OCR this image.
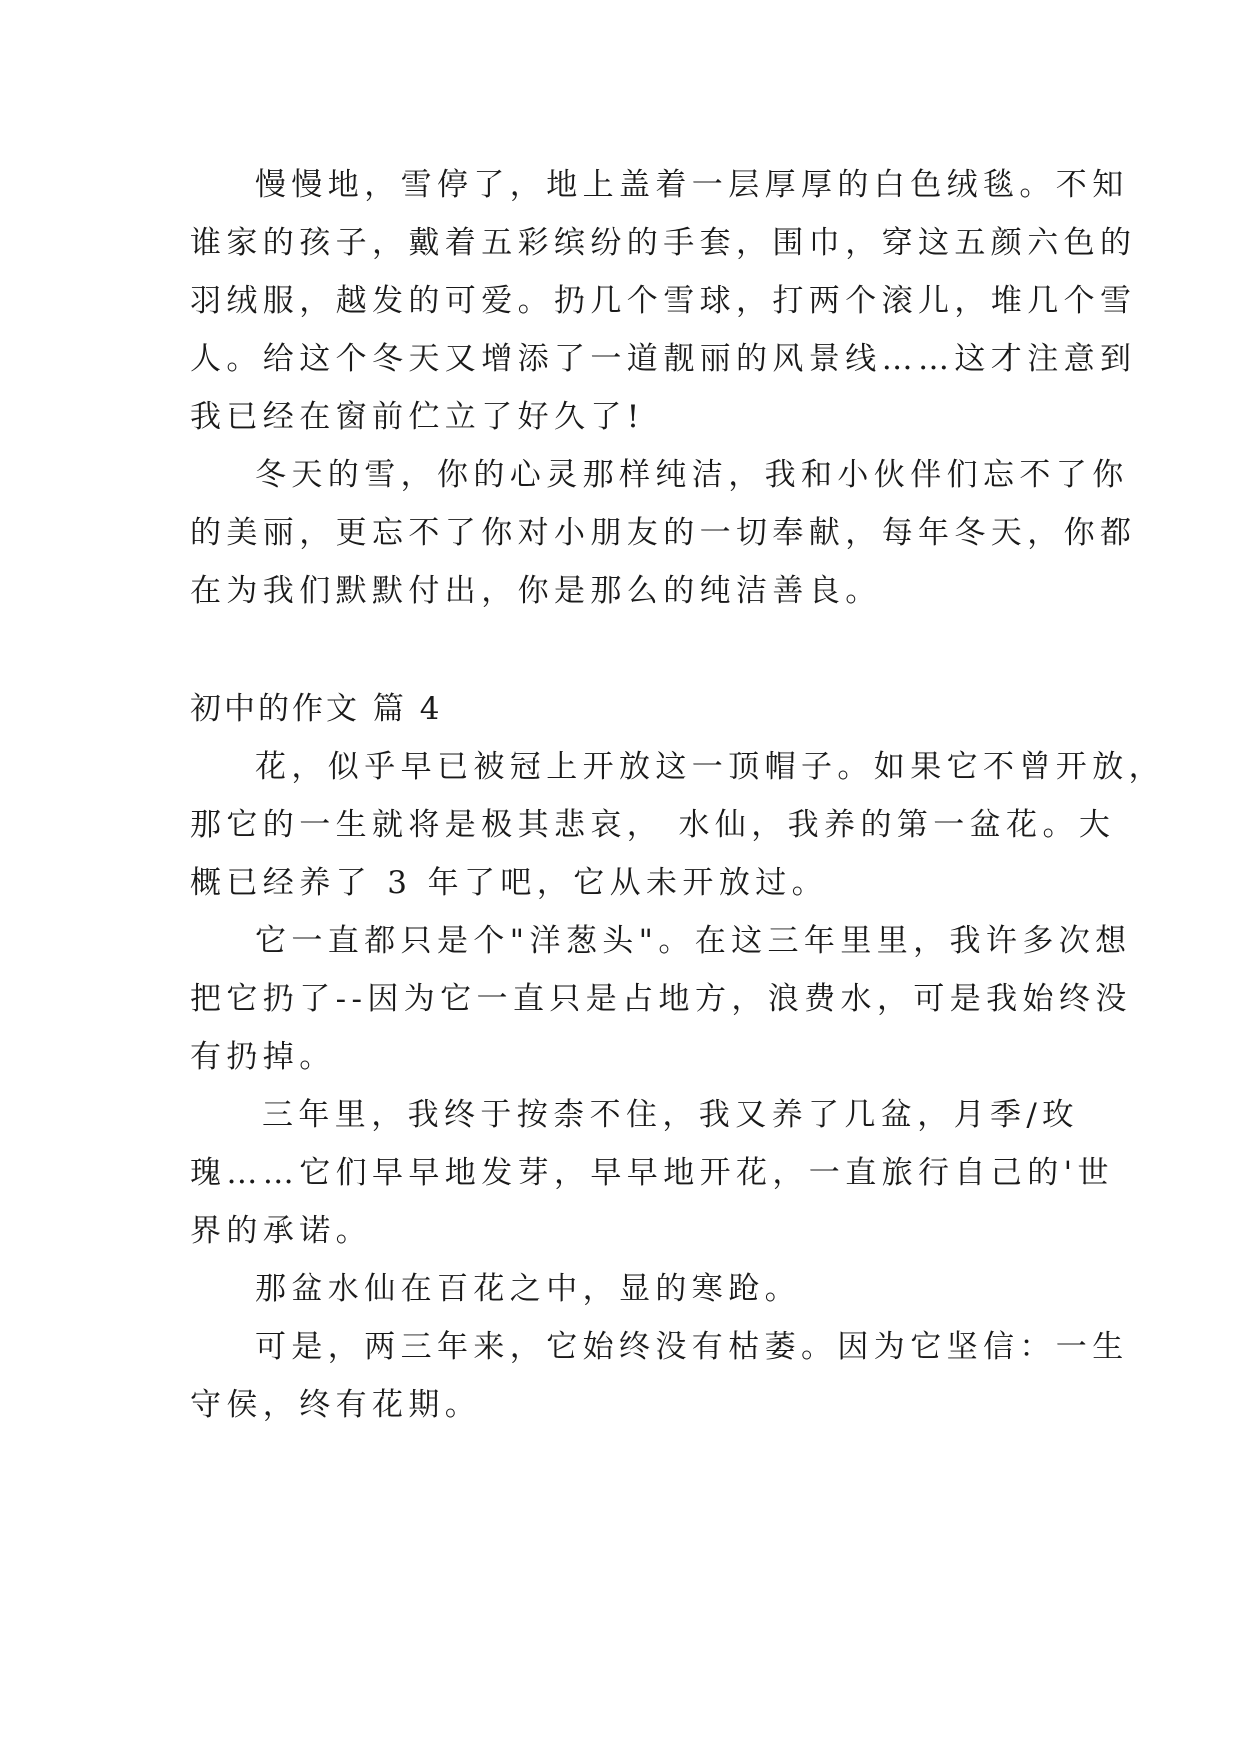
慢慢地，雪停了，地上盖着一层厚厚的白色绒毯。不知
谁家的孩子，戴着五彩缤纷的手套，围巾，穿这五颜六色的
羽绒服，越发的可爱。扔几个雪球，打两个滚儿，堆几个雪
人。给这个冬天又增添了一道靓丽的风景线……这才注意到
我已经在窗前伫立了好久了!
冬天的雪，你的心灵那样纯洁，我和小伙伴们忘不了你
的美丽，更忘不了你对小朋友的一切奉献，每年冬天，你都
在为我们默默付出，你是那么的纯洁善良。
初中的作文 篇 4
花，似乎早已被冠上开放这一顶帽子。如果它不曾开放，
那它的一生就将是极其悲哀， 水仙，我养的第一盆花。大
概已经养了 3 年了吧，它从未开放过。
它一直都只是个"洋葱头"。在这三年里里，我许多次想
把它扔了--因为它一直只是占地方，浪费水，可是我始终没
有扔掉。
三年里，我终于按柰不住，我又养了几盆，月季/玫
瑰……它们早早地发芽，早早地开花，一直旅行自己的'世
界的承诺。
那盆水仙在百花之中，显的寒跄。
可是，两三年来，它始终没有枯萎。因为它坚信：一生
守侯，终有花期。
